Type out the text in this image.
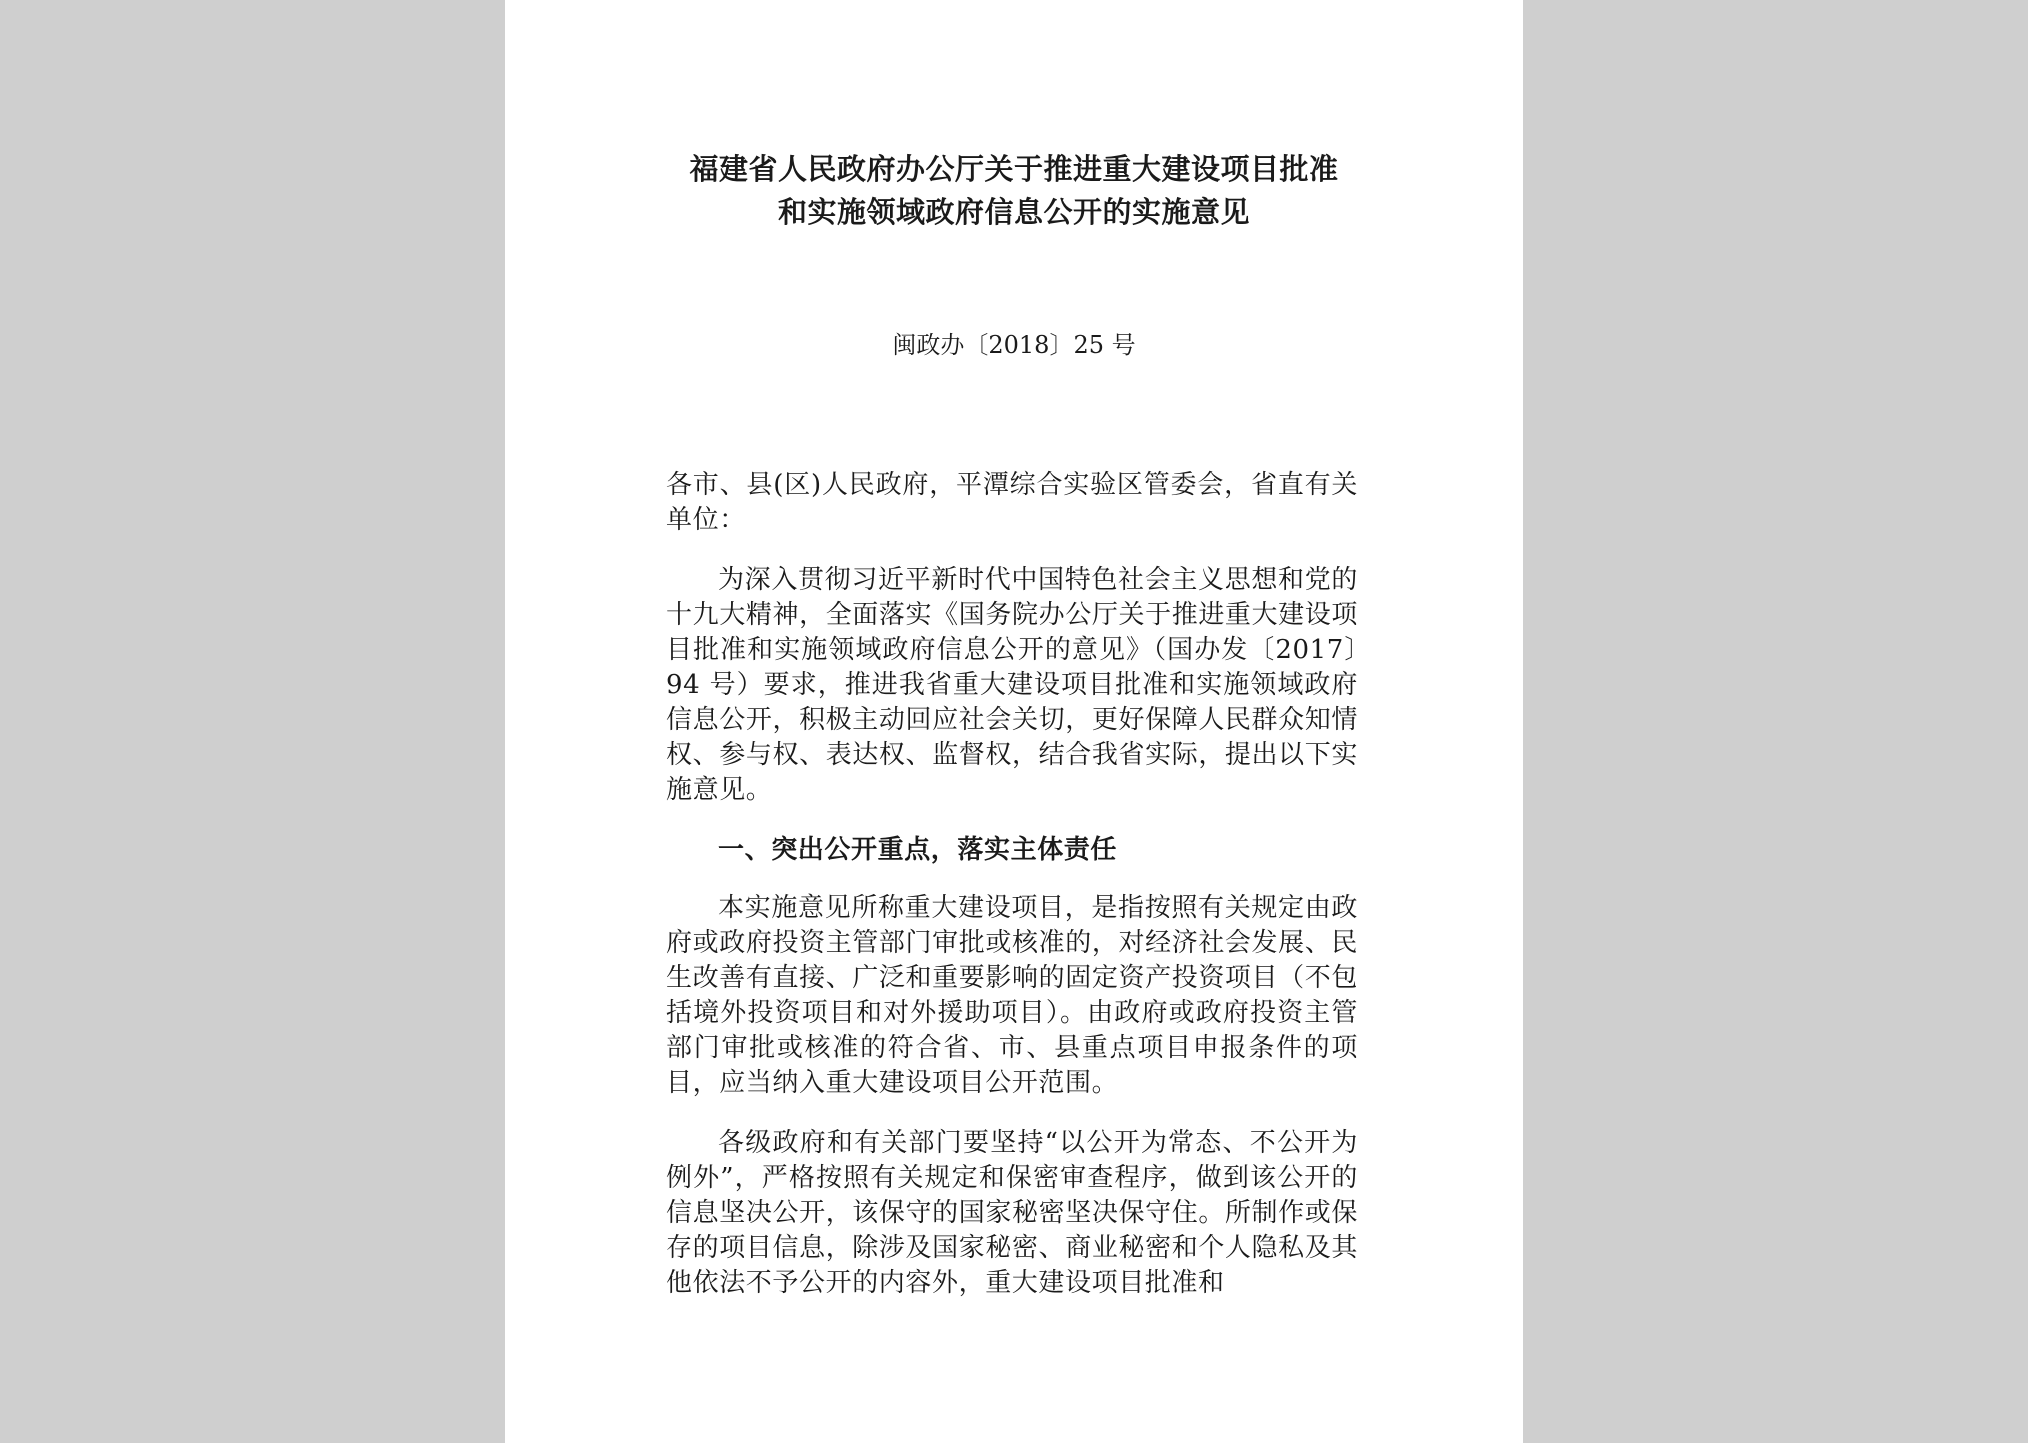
福建省人民政府办公厅关于推进重大建设项目批准
和实施领域政府信息公开的实施意见
闽政办〔2018〕25 号

各市、县(区)人民政府，平潭综合实验区管委会，省直有关单位：

为深入贯彻习近平新时代中国特色社会主义思想和党的十九大精神，全面落实《国务院办公厅关于推进重大建设项目批准和实施领域政府信息公开的意见》（国办发〔2017〕94 号）要求，推进我省重大建设项目批准和实施领域政府信息公开，积极主动回应社会关切，更好保障人民群众知情权、参与权、表达权、监督权，结合我省实际，提出以下实施意见。

一、突出公开重点，落实主体责任

本实施意见所称重大建设项目，是指按照有关规定由政府或政府投资主管部门审批或核准的，对经济社会发展、民生改善有直接、广泛和重要影响的固定资产投资项目（不包括境外投资项目和对外援助项目）。由政府或政府投资主管部门审批或核准的符合省、市、县重点项目申报条件的项目，应当纳入重大建设项目公开范围。

各级政府和有关部门要坚持“以公开为常态、不公开为例外”，严格按照有关规定和保密审查程序，做到该公开的信息坚决公开，该保守的国家秘密坚决保守住。所制作或保存的项目信息，除涉及国家秘密、商业秘密和个人隐私及其他依法不予公开的内容外，重大建设项目批准和
